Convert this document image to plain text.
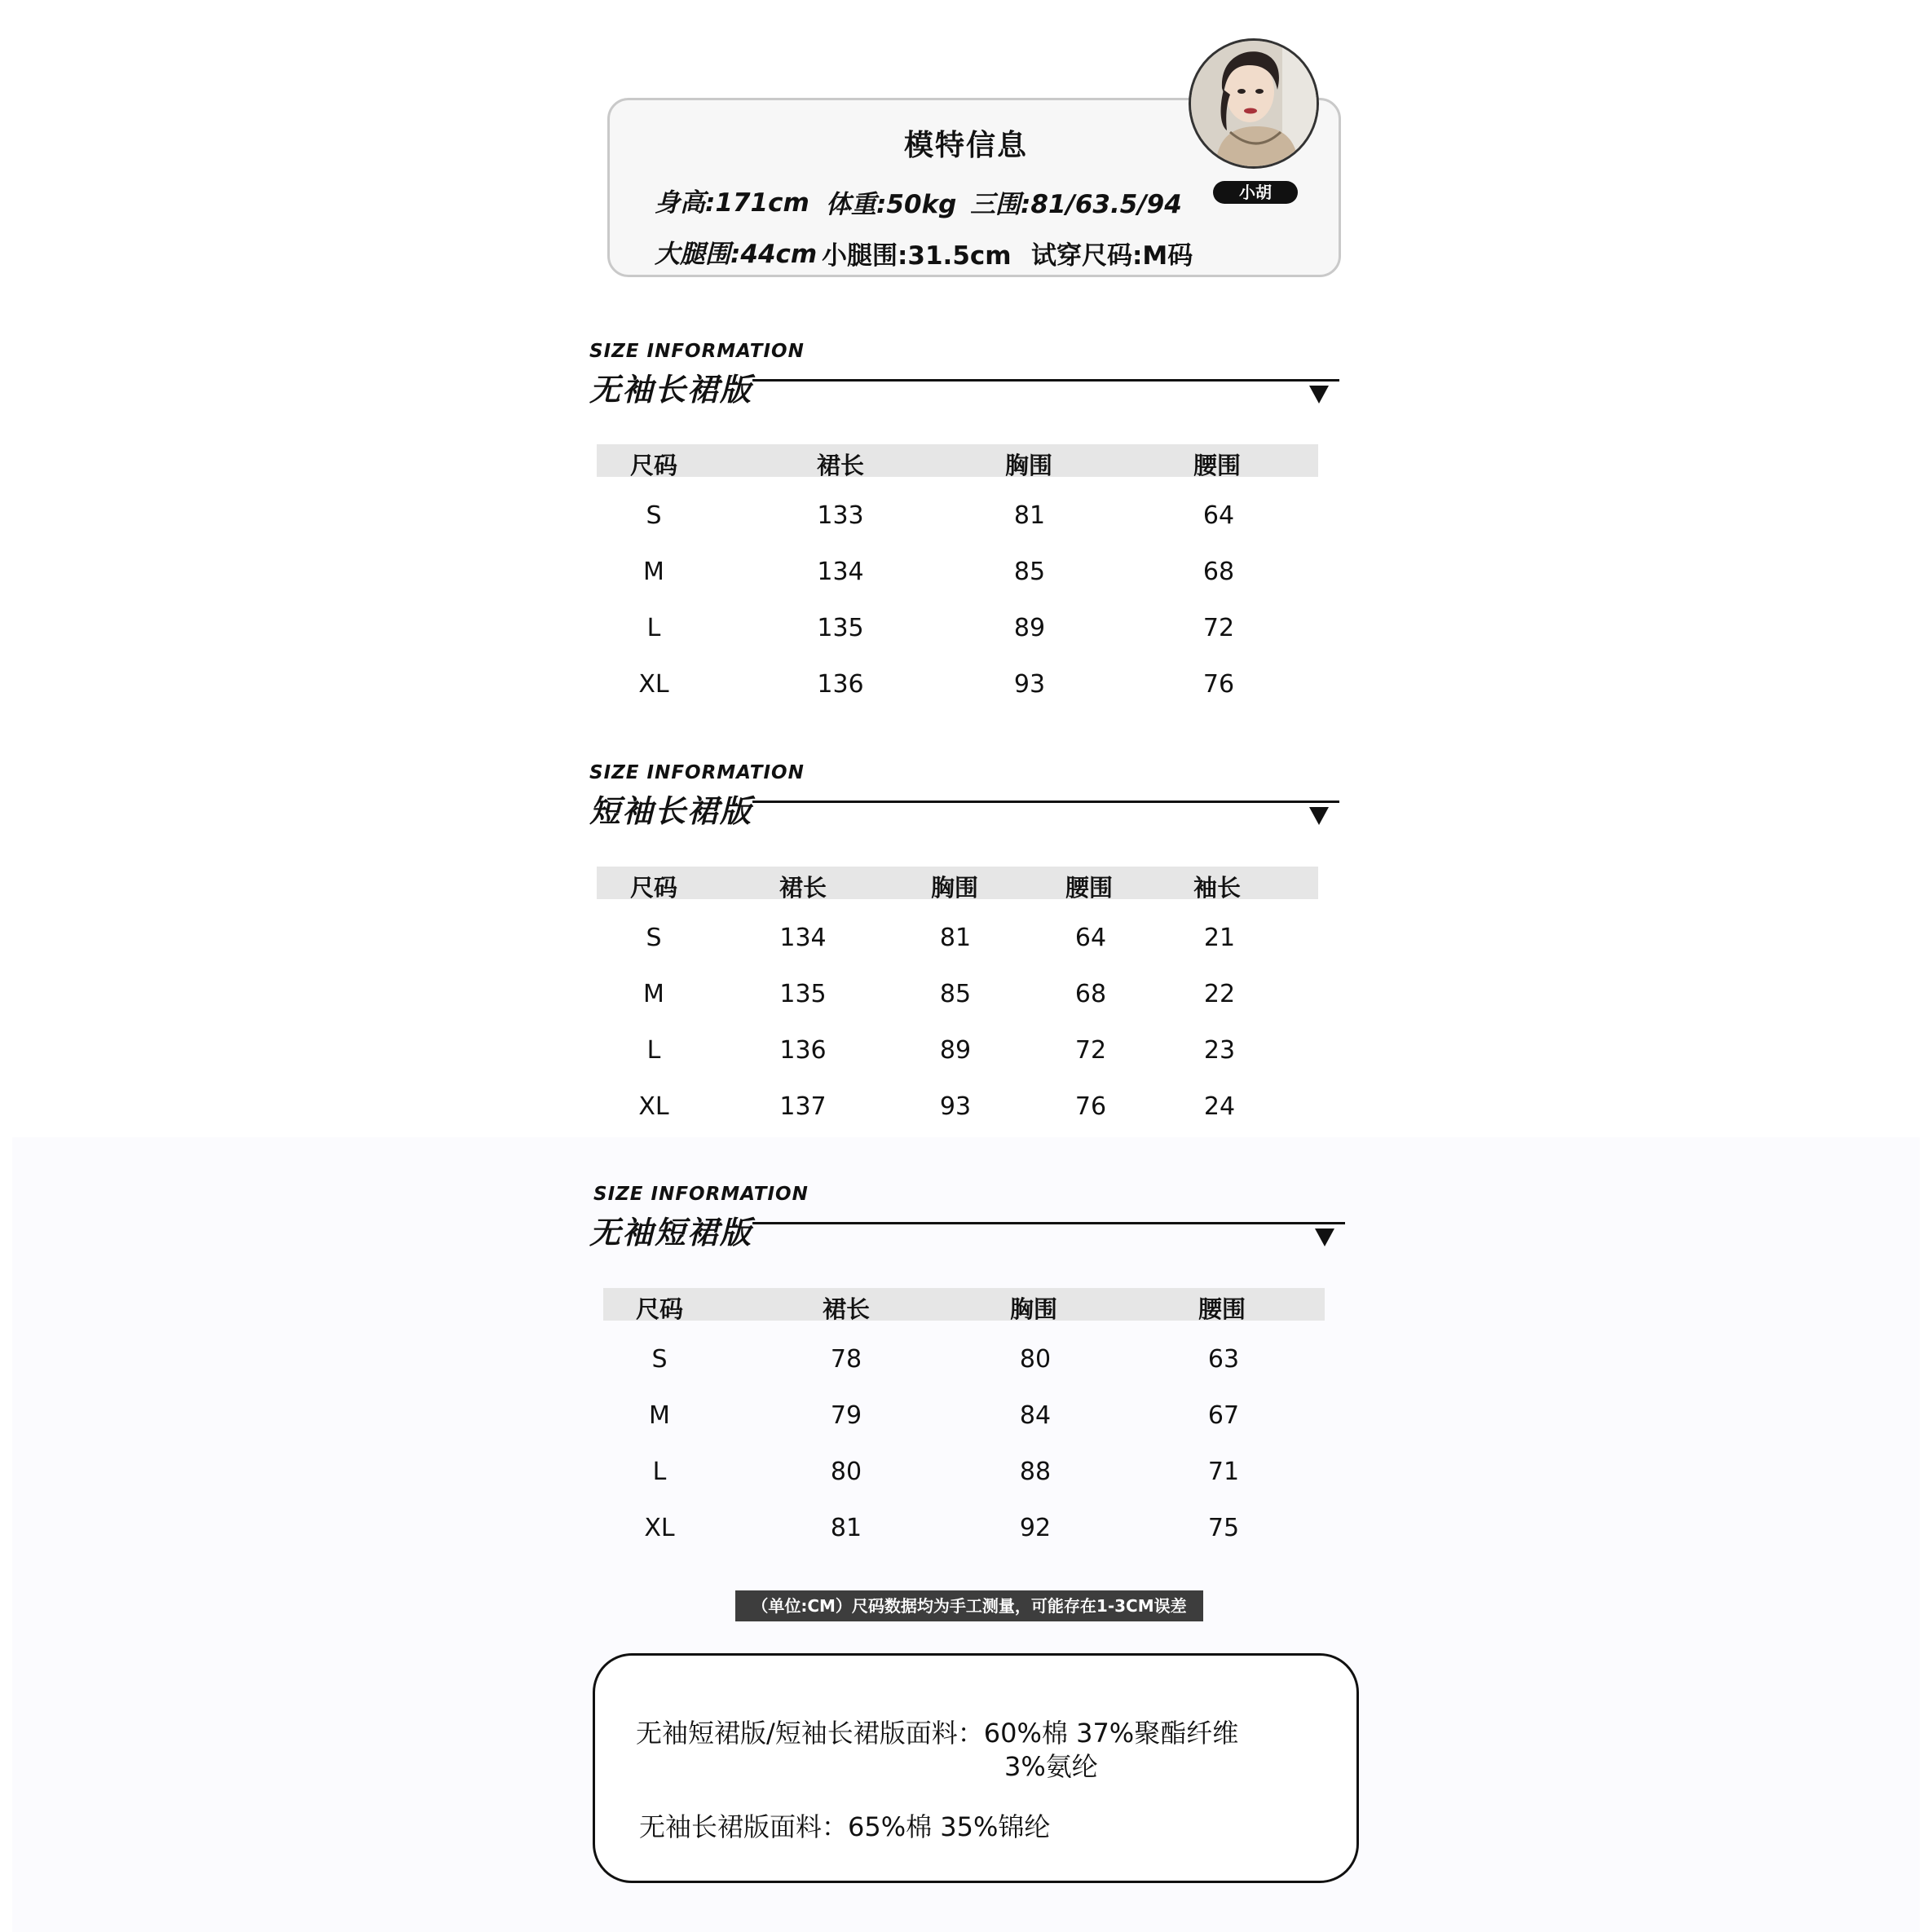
模特信息
身高:171cm 体重:50kg 三围:81/63.5/94
大腿围:44cm 小腿围:31.5cm 试穿尺码:M码
小胡
SIZE INFORMATION
无袖长裙版
尺码	裙长	胸围	腰围
S	133	81	64
M	134	85	68
L	135	89	72
XL	136	93	76
SIZE INFORMATION
短袖长裙版
尺码	裙长	胸围	腰围	袖长
S	134	81	64	21
M	135	85	68	22
L	136	89	72	23
XL	137	93	76	24
SIZE INFORMATION
无袖短裙版
尺码	裙长	胸围	腰围
S	78	80	63
M	79	84	67
L	80	88	71
XL	81	92	75
（单位:CM）尺码数据均为手工测量，可能存在1-3CM误差
无袖短裙版/短袖长裙版面料：60%棉 37%聚酯纤维
3%氨纶
无袖长裙版面料：65%棉 35%锦纶
